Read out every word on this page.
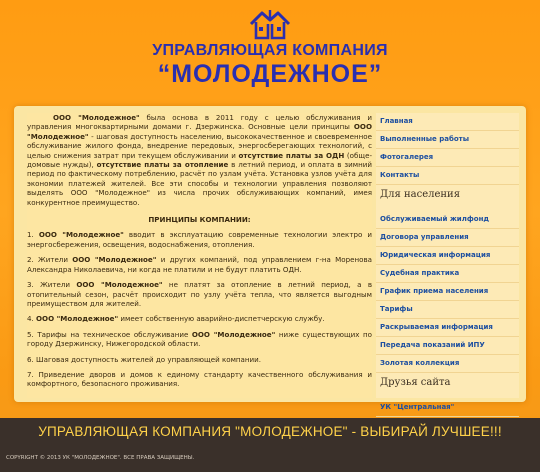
УПРАВЛЯЮЩАЯ КОМПАНИЯ
“МОЛОДЕЖНОЕ”

ООО "Молодежное" была основа в 2011 году с целью обслуживания и управления многоквартирными домами г. Дзержинска. Основные цели принципы ООО "Молодежное" - шаговая доступность населению, высококачественное и своевременное обслуживание жилого фонда, внедрение передовых, энергосберегающих технологий, с целью снижения затрат при текущем обслуживании и отсутствие платы за ОДН (обще-домовые нужды), отсутствие платы за отопление в летний период, и оплата в зимний период по фактическому потреблению, расчёт по узлам учёта. Установка узлов учёта для экономии платежей жителей. Все эти способы и технологии управления позволяют выделять ООО "Молодежное" из числа прочих обслуживающих компаний, имея конкурентное преимущество.

ПРИНЦИПЫ КОМПАНИИ:

1. ООО "Молодежное" вводит в эксплуатацию современные технологии электро и энергосбережения, освещения, водоснабжения, отопления.

2. Жители ООО "Молодежное" и других компаний, под управлением г-на Моренова Александра Николаевича, ни когда не платили и не будут платить ОДН.

3. Жители ООО "Молодежное" не платят за отопление в летний период, а в отопительный сезон, расчёт происходит по узлу учёта тепла, что является выгодным преимуществом для жителей.

4. ООО "Молодежное" имеет собственную аварийно-диспетчерскую службу.

5. Тарифы на техническое обслуживание ООО "Молодежное" ниже существующих по городу Дзержинску, Нижегородской области.

6. Шаговая доступность жителей до управляющей компании.

7. Приведение дворов и домов к единому стандарту качественного обслуживания и комфортного, безопасного проживания.

Главная
Выполненные работы
Фотогалерея
Контакты
Для населения
Обслуживаемый жилфонд
Договора управления
Юридическая информация
Судебная практика
График приема населения
Тарифы
Раскрываемая информация
Передача показаний ИПУ
Золотая коллекция
Друзья сайта
УК "Центральная"
УПРАВЛЯЮЩАЯ КОМПАНИЯ "МОЛОДЕЖНОЕ" - ВЫБИРАЙ ЛУЧШЕЕ!!!
COPYRIGHT © 2013 УК "МОЛОДЕЖНОЕ". ВСЕ ПРАВА ЗАЩИЩЕНЫ.
